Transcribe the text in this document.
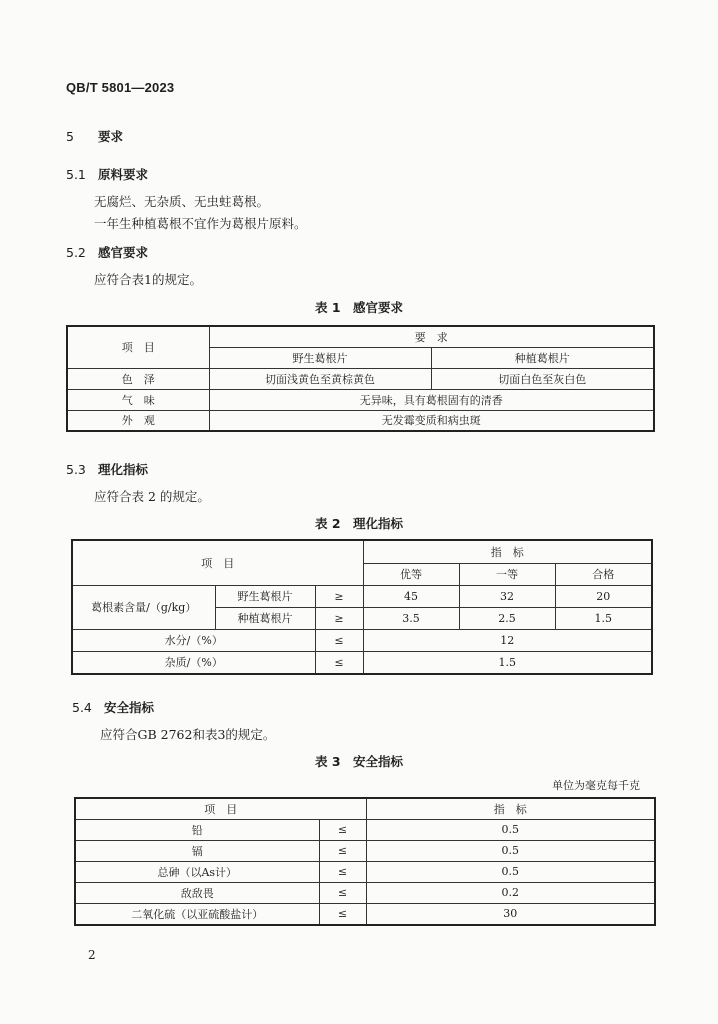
QB/T 5801—2023
5 要求
5.1 原料要求
无腐烂、无杂质、无虫蛀葛根。
一年生种植葛根不宜作为葛根片原料。
5.2 感官要求
应符合表1的规定。
表 1　感官要求
项　目	要　求	
	野生葛根片	种植葛根片
色　泽	切面浅黄色至黄棕黄色	切面白色至灰白色
气　味	无异味，具有葛根固有的清香	
外　观	无发霉变质和病虫斑	
5.3 理化指标
应符合表 2 的规定。
表 2　理化指标
项　目			指　标		
			优等	一等	合格
葛根素含量/（g/kg）	野生葛根片	≥	45	32	20
	种植葛根片	≥	3.5	2.5	1.5
水分/（%）		≤	12		
杂质/（%）		≤	1.5		
5.4 安全指标
应符合GB 2762和表3的规定。
表 3　安全指标
单位为毫克每千克
项　目		指　标
铅	≤	0.5
镉	≤	0.5
总砷（以As计）	≤	0.5
敌敌畏	≤	0.2
二氧化硫（以亚硫酸盐计）	≤	30
2
